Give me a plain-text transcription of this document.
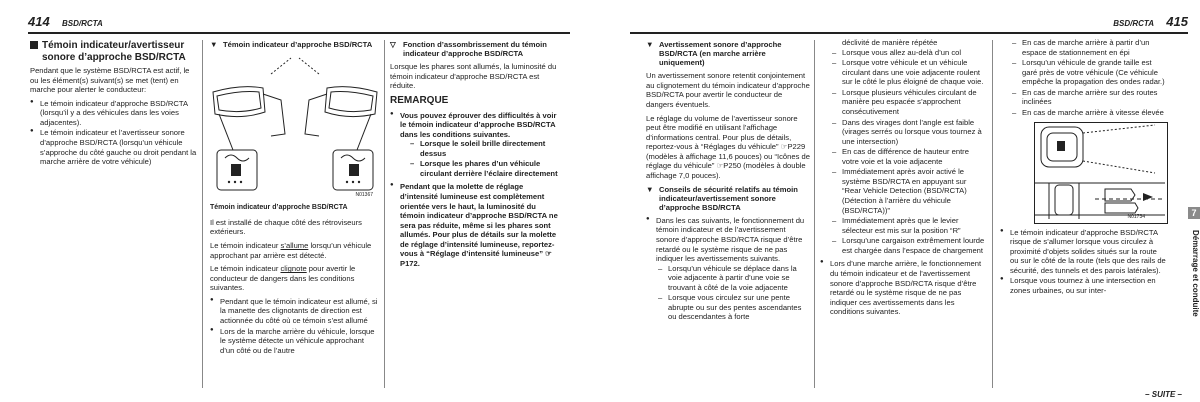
414 BSD/RCTA
Témoin indicateur/avertisseur sonore d’approche BSD/RCTA

Pendant que le système BSD/RCTA est actif, le ou les élément(s) suivant(s) se met (tent) en marche pour alerter le conducteur:

● Le témoin indicateur d’approche BSD/RCTA (lorsqu’il y a des véhicules dans les voies adjacentes).
● Le témoin indicateur et l’avertisseur sonore d’approche BSD/RCTA (lorsqu’un véhicule s’approche du côté gauche ou droit pendant la marche arrière de votre véhicule)
▼ Témoin indicateur d’approche BSD/RCTA
N01367
Témoin indicateur d’approche BSD/RCTA

Il est installé de chaque côté des rétroviseurs extérieurs.

Le témoin indicateur s’allume lorsqu’un véhicule approchant par arrière est détecté.

Le témoin indicateur clignote pour avertir le conducteur de dangers dans les conditions suivantes.

● Pendant que le témoin indicateur est allumé, si la manette des clignotants de direction est actionnée du côté où ce témoin s’est allumé
● Lors de la marche arrière du véhicule, lorsque le système détecte un véhicule approchant d’un côté ou de l’autre
▽ Fonction d’assombrissement du témoin indicateur d’approche BSD/RCTA

Lorsque les phares sont allumés, la luminosité du témoin indicateur d’approche BSD/RCTA est réduite.

REMARQUE
● Vous pouvez éprouver des difficultés à voir le témoin indicateur d’approche BSD/RCTA dans les conditions suivantes.
– Lorsque le soleil brille directement dessus
– Lorsque les phares d’un véhicule circulant derrière l’éclaire directement
● Pendant que la molette de réglage d’intensité lumineuse est complètement orientée vers le haut, la luminosité du témoin indicateur d’approche BSD/RCTA ne sera pas réduite, même si les phares sont allumés. Pour plus de détails sur la molette de réglage d’intensité lumineuse, reportez-vous à “Réglage d’intensité lumineuse” ☞P172.
BSD/RCTA 415
▼ Avertissement sonore d’approche BSD/RCTA (en marche arrière uniquement)

Un avertissement sonore retentit conjointement au clignotement du témoin indicateur d’approche BSD/RCTA pour avertir le conducteur de dangers éventuels.

Le réglage du volume de l’avertisseur sonore peut être modifié en utilisant l’affichage d’informations central. Pour plus de détails, reportez-vous à “Réglages du véhicule” ☞P229 (modèles à affichage 11,6 pouces) ou “Icônes de réglage du véhicule” ☞P250 (modèles à double affichage 7,0 pouces).

▼ Conseils de sécurité relatifs au témoin indicateur/avertissement sonore d’approche BSD/RCTA
● Dans les cas suivants, le fonctionnement du témoin indicateur et de l’avertissement sonore d’approche BSD/RCTA risque d’être retardé ou le système risque de ne pas indiquer les avertissements suivants.
– Lorsqu’un véhicule se déplace dans la voie adjacente à partir d’une voie se trouvant à côté de la voie adjacente
– Lorsque vous circulez sur une pente abrupte ou sur des pentes ascendantes ou descendantes à forte

déclivité de manière répétée

– Lorsque vous allez au-delà d’un col
– Lorsque votre véhicule et un véhicule circulant dans une voie adjacente roulent sur le côté le plus éloigné de chaque voie.
– Lorsque plusieurs véhicules circulant de manière peu espacée s’approchent consécutivement
– Dans des virages dont l’angle est faible (virages serrés ou lorsque vous tournez à une intersection)
– En cas de différence de hauteur entre votre voie et la voie adjacente
– Immédiatement après avoir activé le système BSD/RCTA en appuyant sur “Rear Vehicle Detection (BSD/RCTA) (Détection à l’arrière du véhicule (BSD/RCTA))”
– Immédiatement après que le levier sélecteur est mis sur la position “R”
– Lorsqu’une cargaison extrêmement lourde est chargée dans l’espace de chargement
● Lors d’une marche arrière, le fonctionnement du témoin indicateur et de l’avertissement sonore d’approche BSD/RCTA risque d’être retardé ou le système risque de ne pas indiquer ces avertissements dans les conditions suivantes.
– En cas de marche arrière à partir d’un espace de stationnement en épi
– Lorsqu’un véhicule de grande taille est garé près de votre véhicule (Ce véhicule empêche la propagation des ondes radar.)
– En cas de marche arrière sur des routes inclinées
– En cas de marche arrière à vitesse élevée
N01734
● Le témoin indicateur d’approche BSD/RCTA risque de s’allumer lorsque vous circulez à proximité d’objets solides situés sur la route ou sur le côté de la route (tels que des rails de sécurité, des tunnels et des parois latérales).
● Lorsque vous tournez à une intersection en zones urbaines, ou sur inter-
7
Démarrage et conduite
– SUITE –
